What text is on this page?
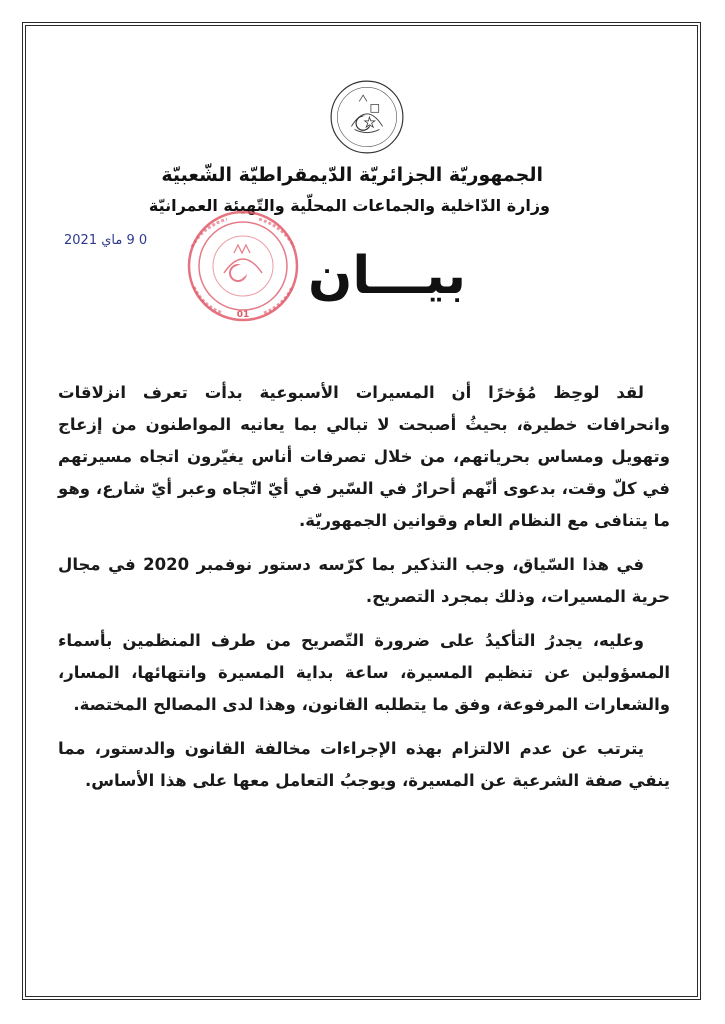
الجمهوريّة الجزائريّة الدّيمقراطيّة الشّعبيّة
وزارة الدّاخلية والجماعات المحلّية والتّهيئة العمرانيّة
0 9 ماي 2021
01
بيـــان

لقد لوحِظ مُؤخرًا أن المسيرات الأسبوعية بدأت تعرف انزلاقات وانحرافات خطيرة، بحيثُ أصبحت لا تبالي بما يعانيه المواطنون من إزعاج وتهويل ومساس بحرياتهم، من خلال تصرفات أناس يغيّرون اتجاه مسيرتهم في كلّ وقت، بدعوى أنّهم أحرارٌ في السّير في أيّ اتّجاه وعبر أيّ شارع، وهو ما يتنافى مع النظام العام وقوانين الجمهوريّة.

في هذا السّياق، وجب التذكير بما كرّسه دستور نوفمبر 2020 في مجال حرية المسيرات، وذلك بمجرد التصريح.

وعليه، يجدرُ التأكيدُ على ضرورة التّصريح من طرف المنظمين بأسماء المسؤولين عن تنظيم المسيرة، ساعة بداية المسيرة وانتهائها، المسار، والشعارات المرفوعة، وفق ما يتطلبه القانون، وهذا لدى المصالح المختصة.

يترتب عن عدم الالتزام بهذه الإجراءات مخالفة القانون والدستور، مما ينفي صفة الشرعية عن المسيرة، ويوجبُ التعامل معها على هذا الأساس.
